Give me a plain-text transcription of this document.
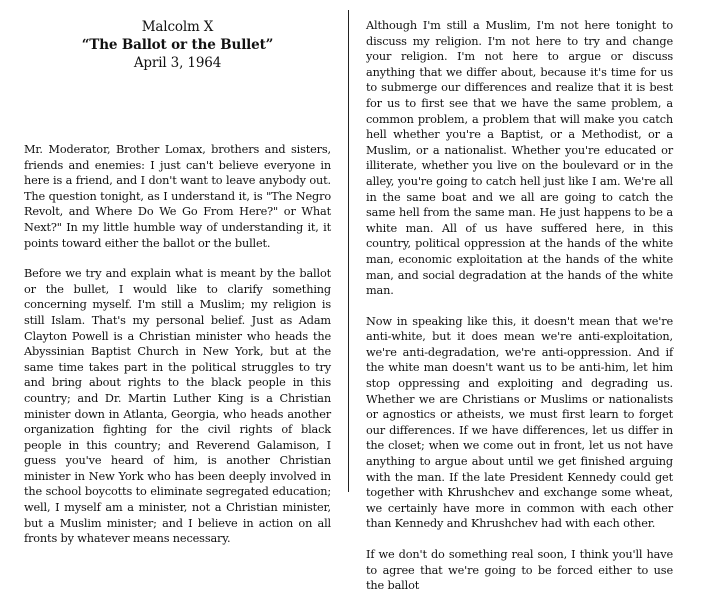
Malcolm X
“The Ballot or the Bullet”
April 3, 1964

Mr. Moderator, Brother Lomax, brothers and sisters, friends and enemies: I just can't believe everyone in here is a friend, and I don't want to leave anybody out. The question tonight, as I understand it, is "The Negro Revolt, and Where Do We Go From Here?" or What Next?" In my little humble way of understanding it, it points toward either the ballot or the bullet.

Before we try and explain what is meant by the ballot or the bullet, I would like to clarify something concerning myself. I'm still a Muslim; my religion is still Islam. That's my personal belief. Just as Adam Clayton Powell is a Christian minister who heads the Abyssinian Baptist Church in New York, but at the same time takes part in the political struggles to try and bring about rights to the black people in this country; and Dr. Martin Luther King is a Christian minister down in Atlanta, Georgia, who heads another organization fighting for the civil rights of black people in this country; and Reverend Galamison, I guess you've heard of him, is another Christian minister in New York who has been deeply involved in the school boycotts to eliminate segregated education; well, I myself am a minister, not a Christian minister, but a Muslim minister; and I believe in action on all fronts by whatever means necessary.

Although I'm still a Muslim, I'm not here tonight to discuss my religion. I'm not here to try and change your religion. I'm not here to argue or discuss anything that we differ about, because it's time for us to submerge our differences and realize that it is best for us to first see that we have the same problem, a common problem, a problem that will make you catch hell whether you're a Baptist, or a Methodist, or a Muslim, or a nationalist. Whether you're educated or illiterate, whether you live on the boulevard or in the alley, you're going to catch hell just like I am. We're all in the same boat and we all are going to catch the same hell from the same man. He just happens to be a white man. All of us have suffered here, in this country, political oppression at the hands of the white man, economic exploitation at the hands of the white man, and social degradation at the hands of the white man.

Now in speaking like this, it doesn't mean that we're anti-white, but it does mean we're anti-exploitation, we're anti-degradation, we're anti-oppression. And if the white man doesn't want us to be anti-him, let him stop oppressing and exploiting and degrading us. Whether we are Christians or Muslims or nationalists or agnostics or atheists, we must first learn to forget our differences. If we have differences, let us differ in the closet; when we come out in front, let us not have anything to argue about until we get finished arguing with the man. If the late President Kennedy could get together with Khrushchev and exchange some wheat, we certainly have more in common with each other than Kennedy and Khrushchev had with each other.

If we don't do something real soon, I think you'll have to agree that we're going to be forced either to use the ballot
